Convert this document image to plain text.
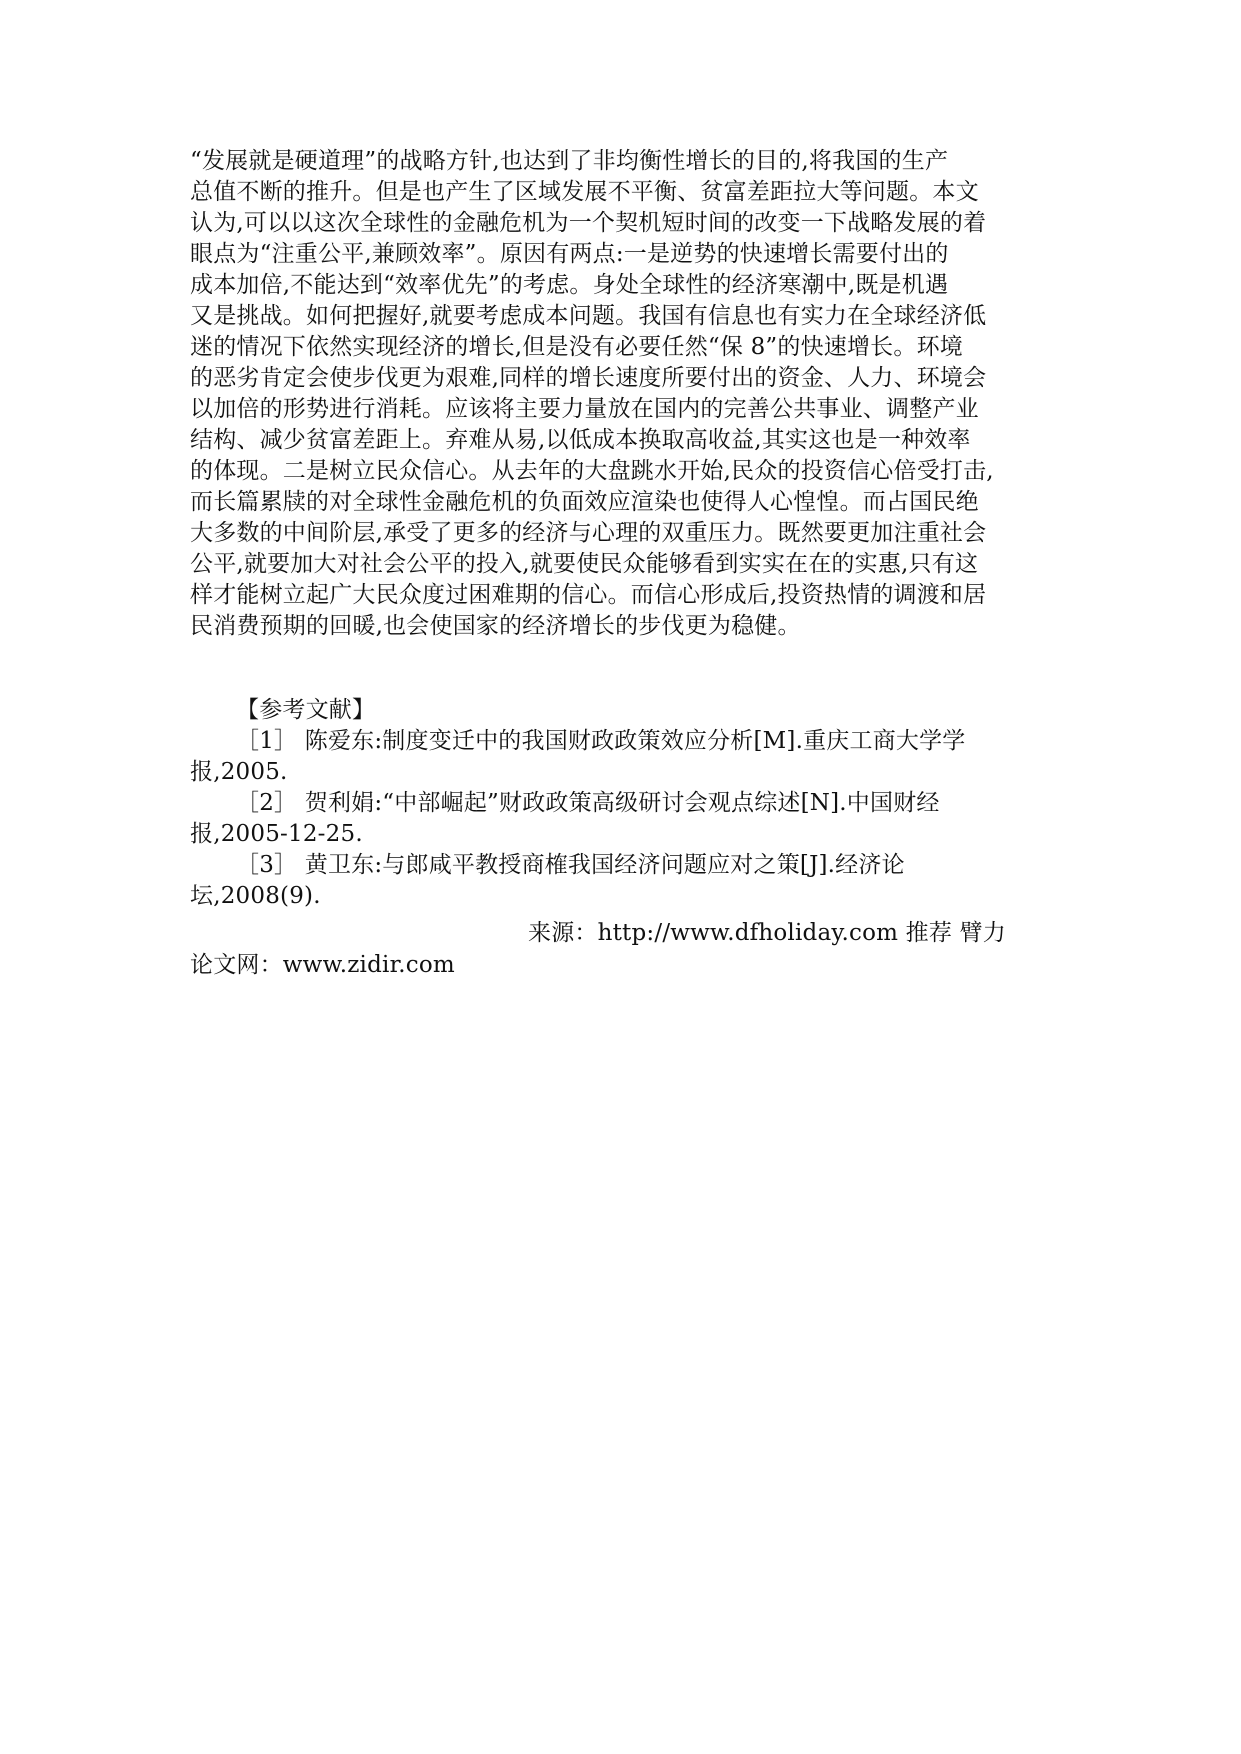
“发展就是硬道理”的战略方针,也达到了非均衡性增长的目的,将我国的生产
总值不断的推升。但是也产生了区域发展不平衡、贫富差距拉大等问题。本文
认为,可以以这次全球性的金融危机为一个契机短时间的改变一下战略发展的着
眼点为“注重公平,兼顾效率”。原因有两点:一是逆势的快速增长需要付出的
成本加倍,不能达到“效率优先”的考虑。身处全球性的经济寒潮中,既是机遇
又是挑战。如何把握好,就要考虑成本问题。我国有信息也有实力在全球经济低
迷的情况下依然实现经济的增长,但是没有必要任然“保 8”的快速增长。环境
的恶劣肯定会使步伐更为艰难,同样的增长速度所要付出的资金、人力、环境会
以加倍的形势进行消耗。应该将主要力量放在国内的完善公共事业、调整产业
结构、减少贫富差距上。弃难从易,以低成本换取高收益,其实这也是一种效率
的体现。二是树立民众信心。从去年的大盘跳水开始,民众的投资信心倍受打击,
而长篇累牍的对全球性金融危机的负面效应渲染也使得人心惶惶。而占国民绝
大多数的中间阶层,承受了更多的经济与心理的双重压力。既然要更加注重社会
公平,就要加大对社会公平的投入,就要使民众能够看到实实在在的实惠,只有这
样才能树立起广大民众度过困难期的信心。而信心形成后,投资热情的调渡和居
民消费预期的回暖,也会使国家的经济增长的步伐更为稳健。
【参考文献】
［1］ 陈爱东:制度变迁中的我国财政政策效应分析[M].重庆工商大学学
报,2005.
［2］ 贺利娟:“中部崛起”财政政策高级研讨会观点综述[N].中国财经
报,2005-12-25.
［3］ 黄卫东:与郎咸平教授商榷我国经济问题应对之策[J].经济论
坛,2008(9).
来源：http://www.dfholiday.com 推荐 臂力
论文网：www.zidir.com
